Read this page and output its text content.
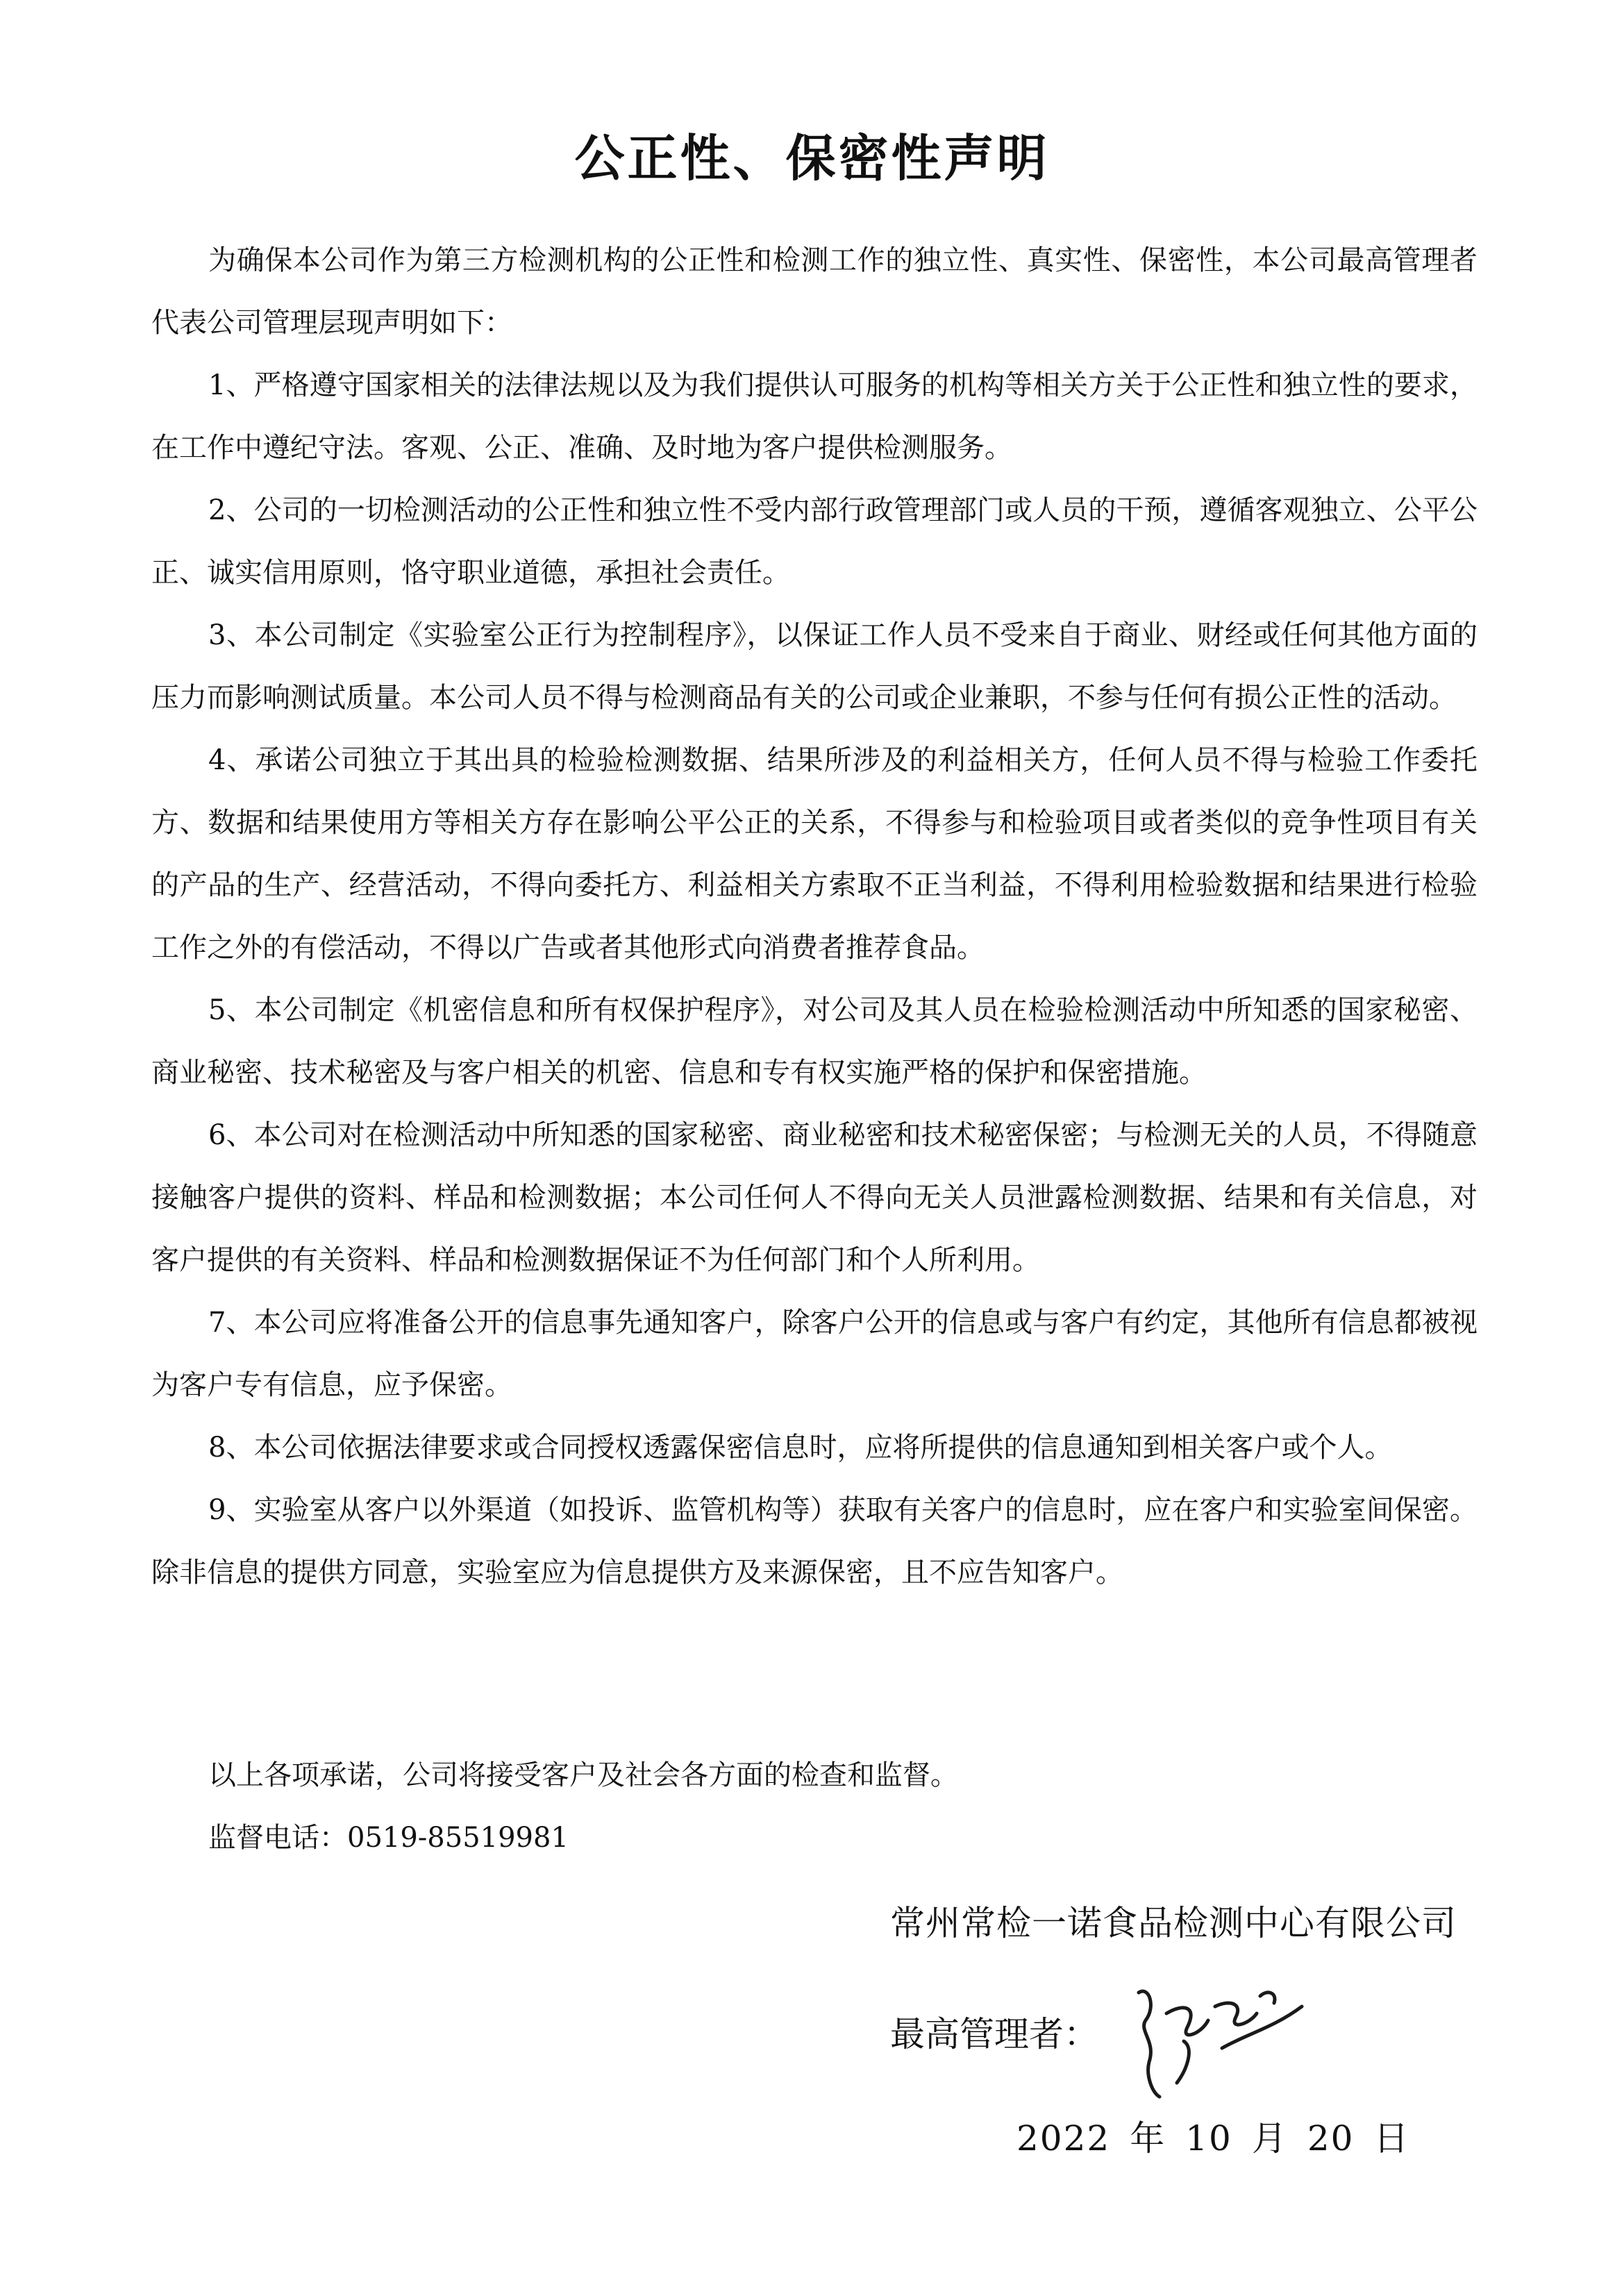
公正性、保密性声明

为确保本公司作为第三方检测机构的公正性和检测工作的独立性、真实性、保密性，本公司最高管理者代表公司管理层现声明如下：

1、严格遵守国家相关的法律法规以及为我们提供认可服务的机构等相关方关于公正性和独立性的要求，在工作中遵纪守法。客观、公正、准确、及时地为客户提供检测服务。

2、公司的一切检测活动的公正性和独立性不受内部行政管理部门或人员的干预，遵循客观独立、公平公正、诚实信用原则，恪守职业道德，承担社会责任。

3、本公司制定《实验室公正行为控制程序》，以保证工作人员不受来自于商业、财经或任何其他方面的压力而影响测试质量。本公司人员不得与检测商品有关的公司或企业兼职，不参与任何有损公正性的活动。

4、承诺公司独立于其出具的检验检测数据、结果所涉及的利益相关方，任何人员不得与检验工作委托方、数据和结果使用方等相关方存在影响公平公正的关系，不得参与和检验项目或者类似的竞争性项目有关的产品的生产、经营活动，不得向委托方、利益相关方索取不正当利益，不得利用检验数据和结果进行检验工作之外的有偿活动，不得以广告或者其他形式向消费者推荐食品。

5、本公司制定《机密信息和所有权保护程序》，对公司及其人员在检验检测活动中所知悉的国家秘密、商业秘密、技术秘密及与客户相关的机密、信息和专有权实施严格的保护和保密措施。

6、本公司对在检测活动中所知悉的国家秘密、商业秘密和技术秘密保密；与检测无关的人员，不得随意接触客户提供的资料、样品和检测数据；本公司任何人不得向无关人员泄露检测数据、结果和有关信息，对客户提供的有关资料、样品和检测数据保证不为任何部门和个人所利用。

7、本公司应将准备公开的信息事先通知客户，除客户公开的信息或与客户有约定，其他所有信息都被视为客户专有信息，应予保密。

8、本公司依据法律要求或合同授权透露保密信息时，应将所提供的信息通知到相关客户或个人。

9、实验室从客户以外渠道（如投诉、监管机构等）获取有关客户的信息时，应在客户和实验室间保密。除非信息的提供方同意，实验室应为信息提供方及来源保密，且不应告知客户。

以上各项承诺，公司将接受客户及社会各方面的检查和监督。

监督电话：0519-85519981

常州常检一诺食品检测中心有限公司
最高管理者：
2022 年 10 月 20 日
